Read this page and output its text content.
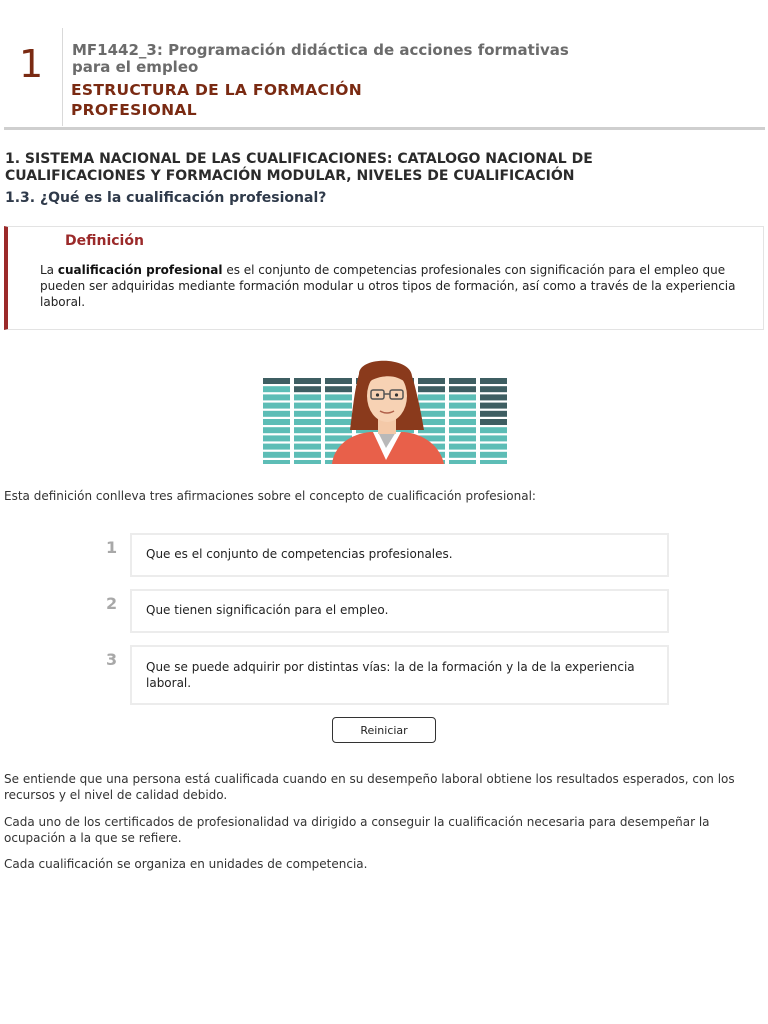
1 MF1442_3: Programación didáctica de acciones formativas para el empleo
ESTRUCTURA DE LA FORMACIÓN PROFESIONAL
1. SISTEMA NACIONAL DE LAS CUALIFICACIONES: CATALOGO NACIONAL DE CUALIFICACIONES Y FORMACIÓN MODULAR, NIVELES DE CUALIFICACIÓN
1.3. ¿Qué es la cualificación profesional?
Definición
La cualificación profesional es el conjunto de competencias profesionales con significación para el empleo que pueden ser adquiridas mediante formación modular u otros tipos de formación, así como a través de la experiencia laboral.
Esta definición conlleva tres afirmaciones sobre el concepto de cualificación profesional:
1	Que es el conjunto de competencias profesionales.
2	Que tienen significación para el empleo.
3	Que se puede adquirir por distintas vías: la de la formación y la de la experiencia laboral.
Reiniciar
Se entiende que una persona está cualificada cuando en su desempeño laboral obtiene los resultados esperados, con los recursos y el nivel de calidad debido.
Cada uno de los certificados de profesionalidad va dirigido a conseguir la cualificación necesaria para desempeñar la ocupación a la que se refiere.
Cada cualificación se organiza en unidades de competencia.
